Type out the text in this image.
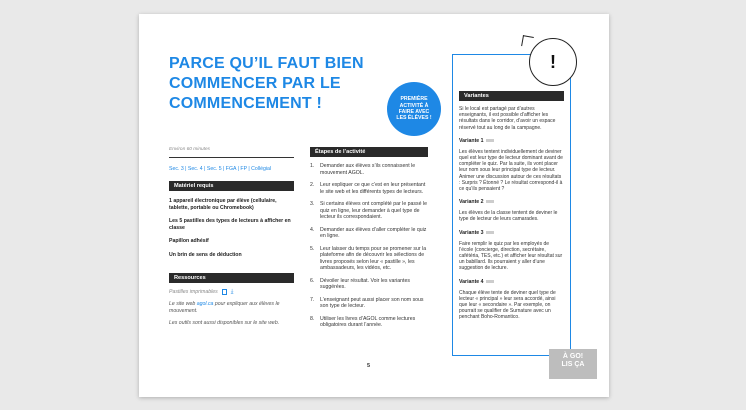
PARCE QU’IL FAUT BIEN
COMMENCER PAR LE
COMMENCEMENT !	PREMIÈRE ACTIVITÉ À FAIRE AVEC LES ÉLÈVES !
Environ 60 minutes
Sec. 3 | Sec. 4 | Sec. 5 | FGA | FP | Collégial
Matériel requis

1 appareil électronique par élève (cellulaire, tablette, portable ou Chromebook)

Les 5 pastilles des types de lecteurs à afficher en classe

Papillon adhésif

Un brin de sens de déduction

Ressources
Pastilles imprimables ⤓

Le site web agol.ca pour expliquer aux élèves le mouvement.

Les outils sont aussi disponibles sur le site web.

Étapes de l’activité
1.	Demander aux élèves s’ils connaissent le mouvement AGOL.
2.	Leur expliquer ce que c’est en leur présentant le site web et les différents types de lecteurs.
3.	Si certains élèves ont complété par le passé le quiz en ligne, leur demander à quel type de lecteur ils correspondaient.
4.	Demander aux élèves d’aller compléter le quiz en ligne.
5.	Leur laisser du temps pour se promener sur la plateforme afin de découvrir les sélections de livres proposés selon leur « pastille », les ambassadeurs, les vidéos, etc.
6.	Dévoiler leur résultat. Voir les variantes suggérées.
7.	L’enseignant peut aussi placer son nom sous son type de lecteur.
8.	Utiliser les livres d’AGOL comme lectures obligatoires durant l’année.
Variantes

Si le local est partagé par d’autres enseignants, il est possible d’afficher les résultats dans le corridor, d’avoir un espace réservé tout au long de la campagne.

Variante 1

Les élèves tentent individuellement de deviner quel est leur type de lecteur dominant avant de compléter le quiz. Par la suite, ils vont placer leur nom sous leur principal type de lecteur. Animer une discussion autour de ces résultats : Surpris ? Étonné ? Le résultat correspond-il à ce qu’ils pensaient ?

Variante 2

Les élèves de la classe tentent de deviner le type de lecteur de leurs camarades.

Variante 3

Faire remplir le quiz par les employés de l’école (concierge, direction, secrétaire, cafétéria, TES, etc.) et afficher leur résultat sur un babillard. Ils pourraient y aller d’une suggestion de lecture.

Variante 4

Chaque élève tente de deviner quel type de lecteur « principal » leur sera accordé, ainsi que leur « secondaire ». Par exemple, on pourrait se qualifier de Surnature avec un penchant Boho-Romantico.

!
5
À GO!
LIS ÇA
